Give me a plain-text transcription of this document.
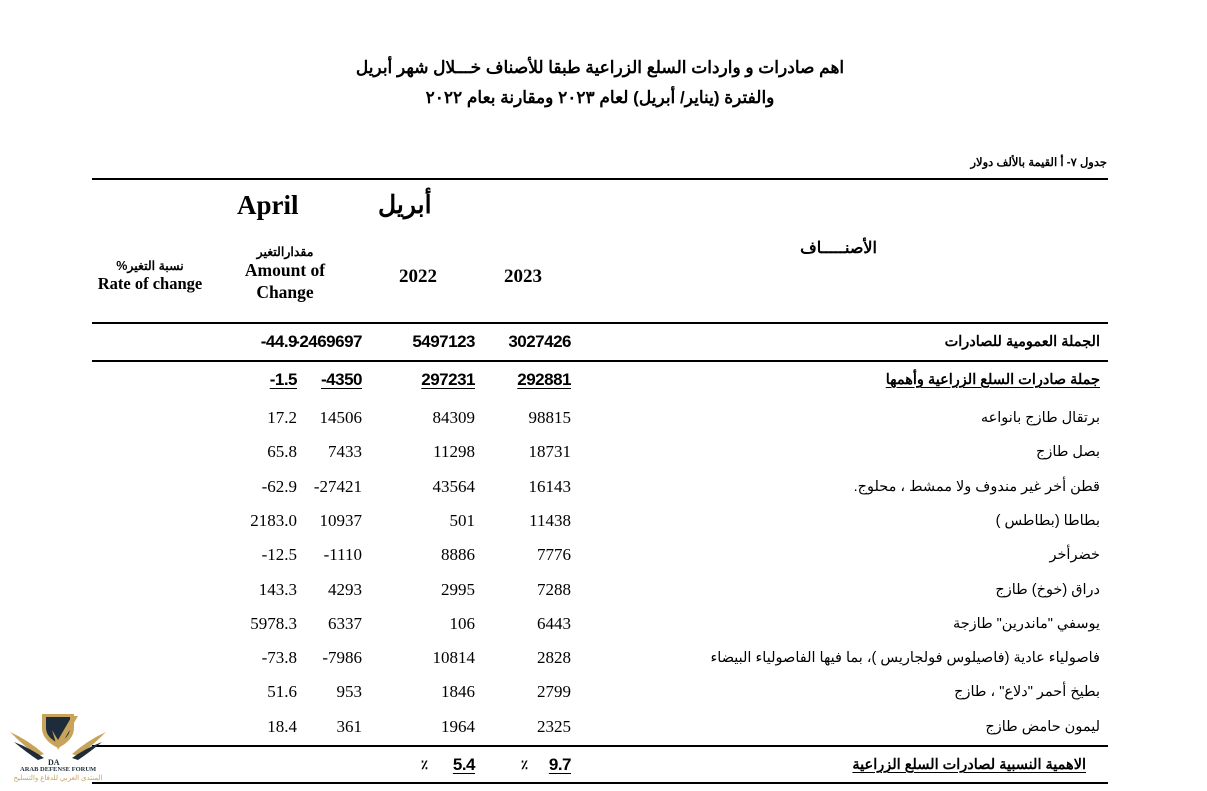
اهم صادرات و واردات السلع الزراعية طبقا للأصناف خـــلال شهر أبريل
والفترة (يناير/ أبريل) لعام ٢٠٢٣ ومقارنة بعام ٢٠٢٢
جدول ٧- أ القيمة بالألف دولار
April	أبريل
الأصنـــــاف
2023
2022
مقدارالتغير
Amount of
Change
نسبة التغير%
Rate of change
الجملة العمومية للصادرات
3027426
5497123
-2469697
-44.9
جملة صادرات السلع الزراعية وأهمها
292881
297231
-4350
-1.5
برتقال طازج بانواعه
98815
84309
14506
17.2
بصل طازج
18731
11298
7433
65.8
قطن أخر غير مندوف ولا ممشط ، محلوج.
16143
43564
-27421
-62.9
بطاطا (بطاطس )
11438
501
10937
2183.0
خضرأخر
7776
8886
-1110
-12.5
دراق (خوخ) طازج
7288
2995
4293
143.3
يوسفي "ماندرين" طازجة
6443
106
6337
5978.3
فاصولياء عادية (فاصيلوس فولجاريس )، بما فيها الفاصولياء البيضاء
2828
10814
-7986
-73.8
بطيخ أحمر "دلاع" ، طازج
2799
1846
953
51.6
ليمون حامض طازج
2325
1964
361
18.4
الاهمية النسبية لصادرات السلع الزراعية
9.7
٪
5.4
٪
DA
ARAB DEFENSE FORUM
المنتدى العربي للدفاع والتسليح
